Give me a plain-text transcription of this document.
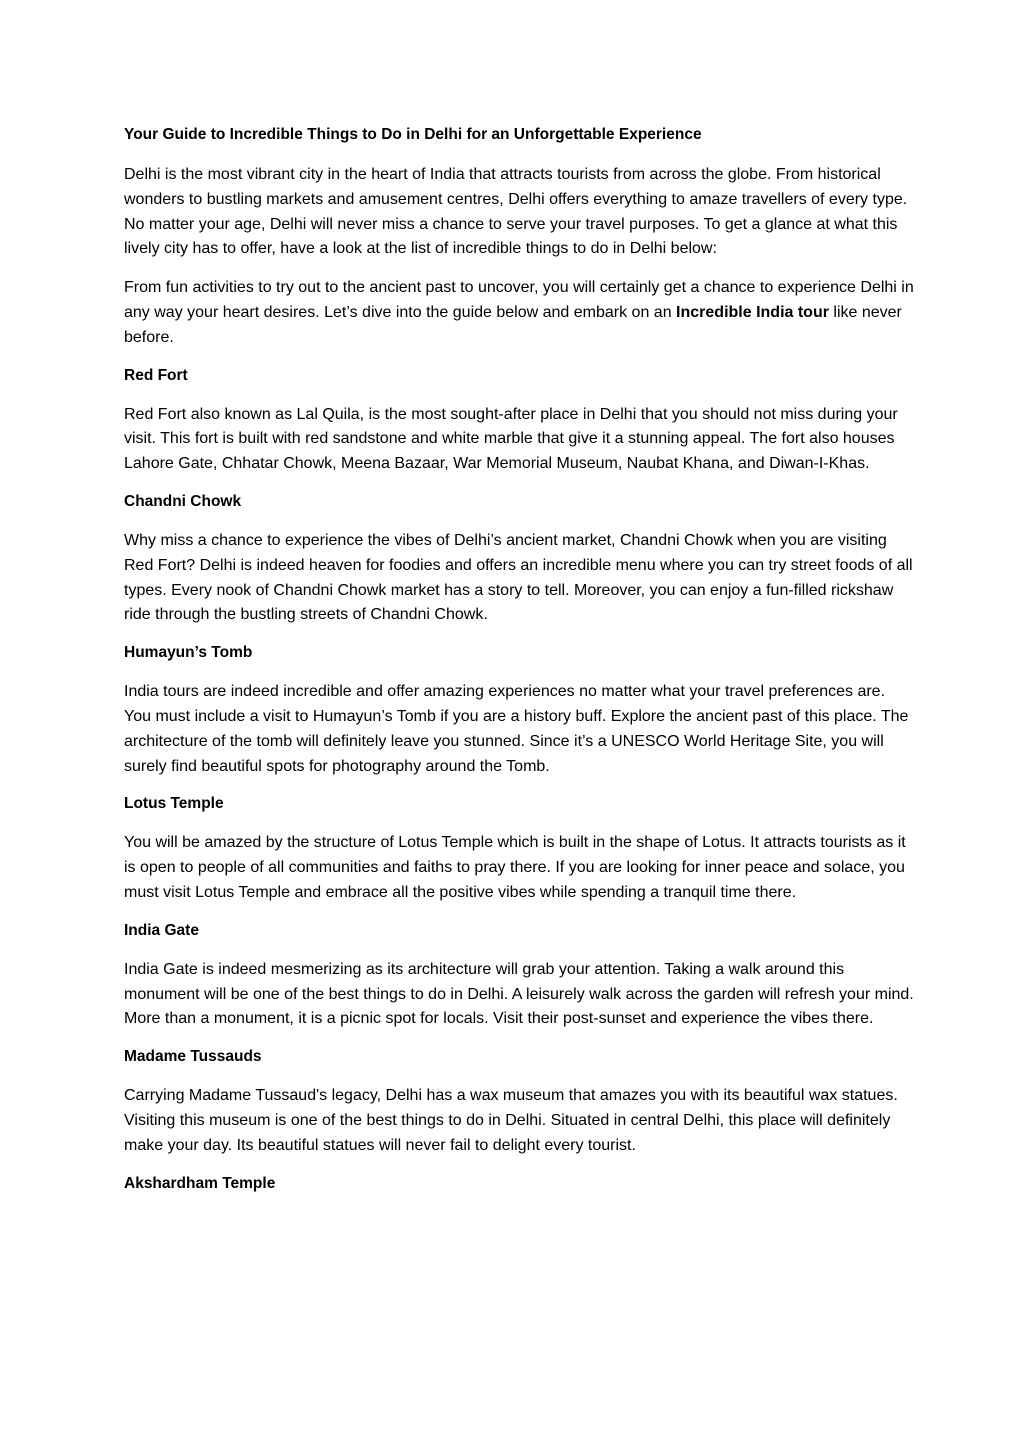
Your Guide to Incredible Things to Do in Delhi for an Unforgettable Experience

Delhi is the most vibrant city in the heart of India that attracts tourists from across the globe. From historical wonders to bustling markets and amusement centres, Delhi offers everything to amaze travellers of every type. No matter your age, Delhi will never miss a chance to serve your travel purposes. To get a glance at what this lively city has to offer, have a look at the list of incredible things to do in Delhi below:

From fun activities to try out to the ancient past to uncover, you will certainly get a chance to experience Delhi in any way your heart desires. Let’s dive into the guide below and embark on an Incredible India tour like never before.

Red Fort

Red Fort also known as Lal Quila, is the most sought-after place in Delhi that you should not miss during your visit. This fort is built with red sandstone and white marble that give it a stunning appeal. The fort also houses Lahore Gate, Chhatar Chowk, Meena Bazaar, War Memorial Museum, Naubat Khana, and Diwan-I-Khas.

Chandni Chowk

Why miss a chance to experience the vibes of Delhi’s ancient market, Chandni Chowk when you are visiting Red Fort? Delhi is indeed heaven for foodies and offers an incredible menu where you can try street foods of all types. Every nook of Chandni Chowk market has a story to tell. Moreover, you can enjoy a fun-filled rickshaw ride through the bustling streets of Chandni Chowk.

Humayun’s Tomb

India tours are indeed incredible and offer amazing experiences no matter what your travel preferences are. You must include a visit to Humayun’s Tomb if you are a history buff. Explore the ancient past of this place. The architecture of the tomb will definitely leave you stunned. Since it’s a UNESCO World Heritage Site, you will surely find beautiful spots for photography around the Tomb.

Lotus Temple

You will be amazed by the structure of Lotus Temple which is built in the shape of Lotus. It attracts tourists as it is open to people of all communities and faiths to pray there. If you are looking for inner peace and solace, you must visit Lotus Temple and embrace all the positive vibes while spending a tranquil time there.

India Gate

India Gate is indeed mesmerizing as its architecture will grab your attention. Taking a walk around this monument will be one of the best things to do in Delhi. A leisurely walk across the garden will refresh your mind. More than a monument, it is a picnic spot for locals. Visit their post-sunset and experience the vibes there.

Madame Tussauds

Carrying Madame Tussaud's legacy, Delhi has a wax museum that amazes you with its beautiful wax statues. Visiting this museum is one of the best things to do in Delhi. Situated in central Delhi, this place will definitely make your day. Its beautiful statues will never fail to delight every tourist.

Akshardham Temple
